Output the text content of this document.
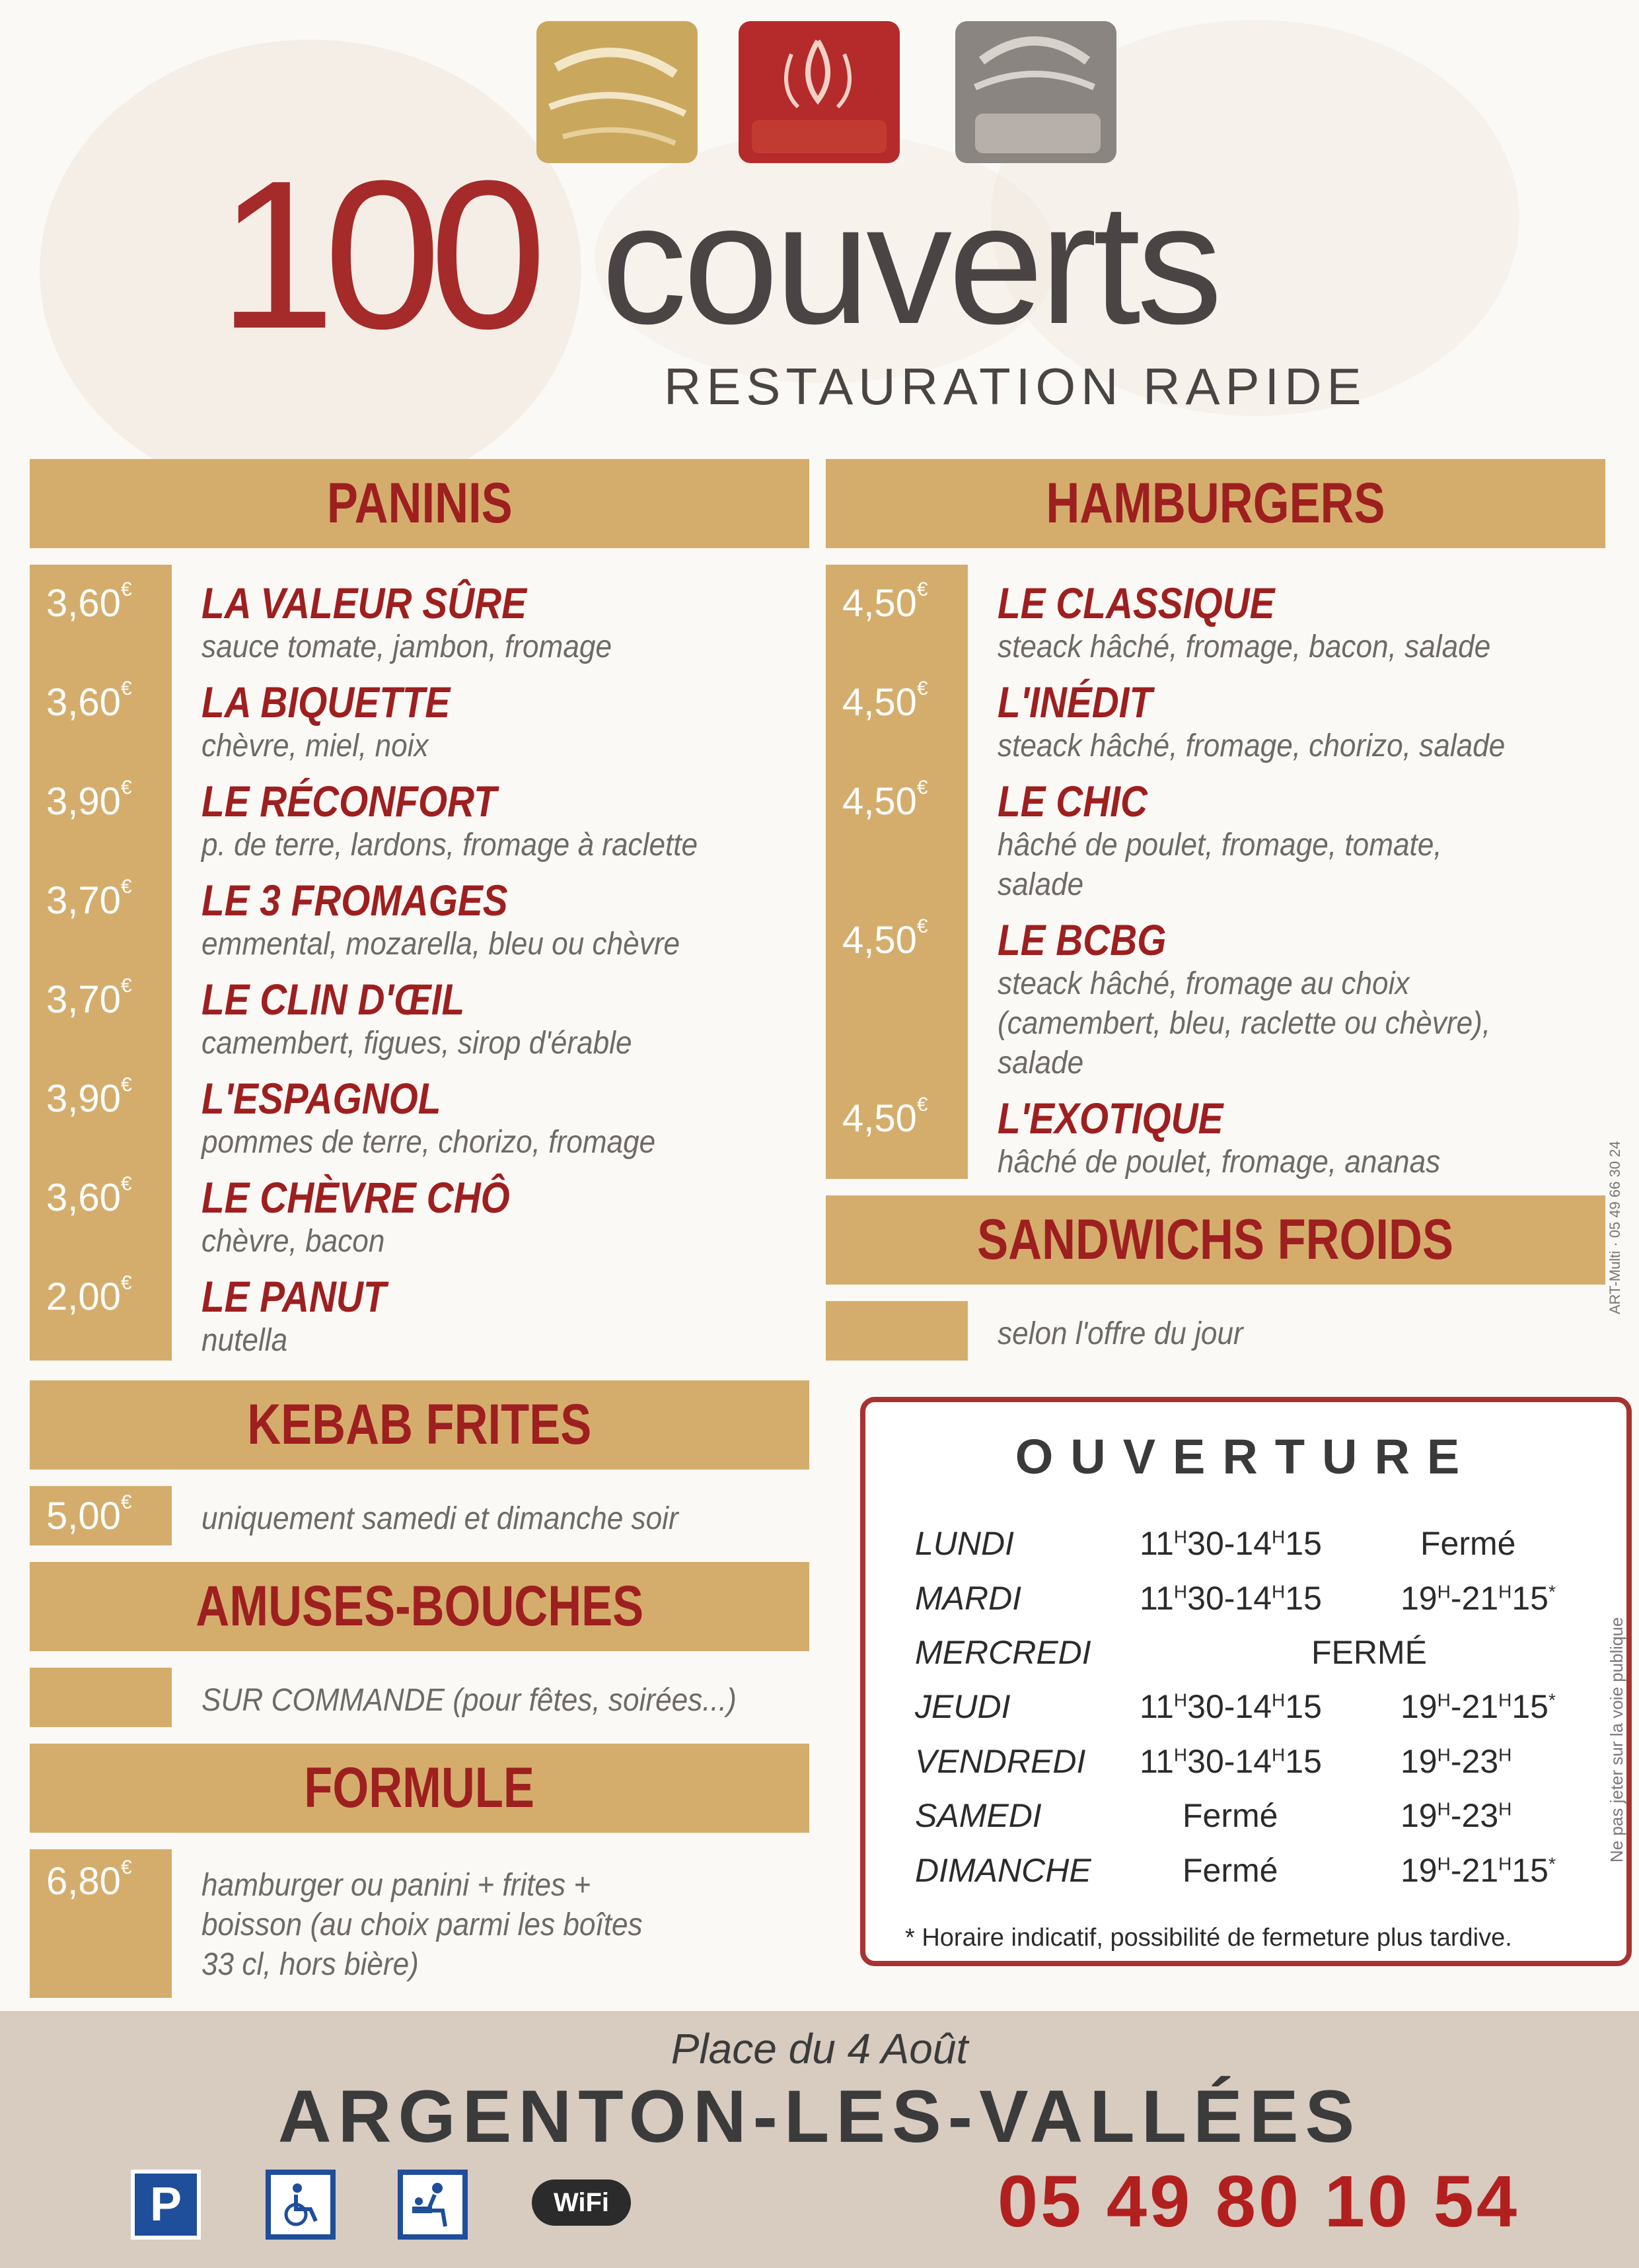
100 couverts
RESTAURATION RAPIDE
PANINIS
3,60€ LA VALEUR SÛRE
sauce tomate, jambon, fromage
3,60€ LA BIQUETTE
chèvre, miel, noix
3,90€ LE RÉCONFORT
p. de terre, lardons, fromage à raclette
3,70€ LE 3 FROMAGES
emmental, mozarella, bleu ou chèvre
3,70€ LE CLIN D'ŒIL
camembert, figues, sirop d'érable
3,90€ L'ESPAGNOL
pommes de terre, chorizo, fromage
3,60€ LE CHÈVRE CHÔ
chèvre, bacon
2,00€ LE PANUT
nutella
HAMBURGERS
4,50€ LE CLASSIQUE
steack hâché, fromage, bacon, salade
4,50€ L'INÉDIT
steack hâché, fromage, chorizo, salade
4,50€ LE CHIC
hâché de poulet, fromage, tomate,
salade
4,50€ LE BCBG
steack hâché, fromage au choix
(camembert, bleu, raclette ou chèvre),
salade
4,50€ L'EXOTIQUE
hâché de poulet, fromage, ananas
SANDWICHS FROIDS
selon l'offre du jour
KEBAB FRITES
5,00€ uniquement samedi et dimanche soir
AMUSES-BOUCHES
SUR COMMANDE (pour fêtes, soirées...)
FORMULE
6,80€
hamburger ou panini + frites +
boisson (au choix parmi les boîtes
33 cl, hors bière)
OUVERTURE
LUNDI	$11^H30-14^H15$	Fermé
MARDI	$11^H30-14^H15$ $19^H-21^H15^*$
MERCREDI	FERMÉ
JEUDI	$11^H30-14^H15$ $19^H-21^H15^*$
VENDREDI $11^H30-14^H15$ $19^H-23^H$
SAMEDI	Fermé	$19^H-23^H$
DIMANCHE	Fermé	$19^H-21^H15^*$
* Horaire indicatif, possibilité de fermeture plus tardive.
ART-Multi · 05 49 66 30 24
Ne pas jeter sur la voie publique
Place du 4 Août
ARGENTON-LES-VALLÉES
P	WiFi	05 49 80 10 54
